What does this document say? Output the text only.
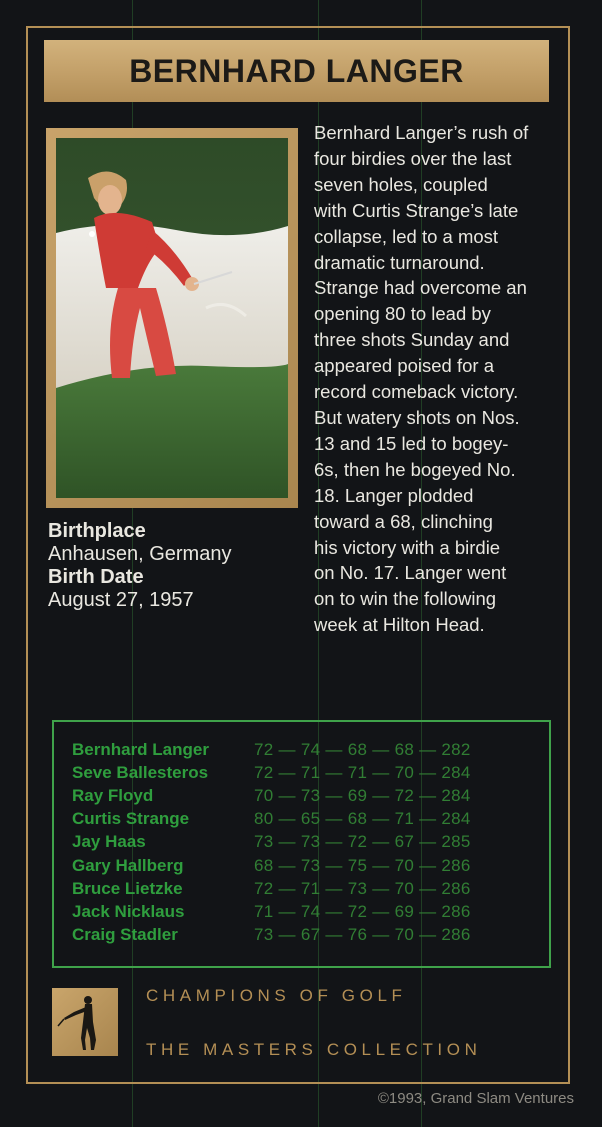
BERNHARD LANGER
Bernhard Langer’s rush of
four birdies over the last
seven holes, coupled
with Curtis Strange’s late
collapse, led to a most
dramatic turnaround.
Strange had overcome an
opening 80 to lead by
three shots Sunday and
appeared poised for a
record comeback victory.
But watery shots on Nos.
13 and 15 led to bogey-
6s, then he bogeyed No.
18. Langer plodded
toward a 68, clinching
his victory with a birdie
on No. 17. Langer went
on to win the following
week at Hilton Head.
Birthplace
Anhausen, Germany
Birth Date
August 27, 1957
Bernhard Langer	72 — 74 — 68 — 68 — 282
Seve Ballesteros	72 — 71 — 71 — 70 — 284
Ray Floyd	70 — 73 — 69 — 72 — 284
Curtis Strange	80 — 65 — 68 — 71 — 284
Jay Haas	73 — 73 — 72 — 67 — 285
Gary Hallberg	68 — 73 — 75 — 70 — 286
Bruce Lietzke	72 — 71 — 73 — 70 — 286
Jack Nicklaus	71 — 74 — 72 — 69 — 286
Craig Stadler	73 — 67 — 76 — 70 — 286
CHAMPIONS OF GOLF
THE MASTERS COLLECTION
©1993, Grand Slam Ventures
